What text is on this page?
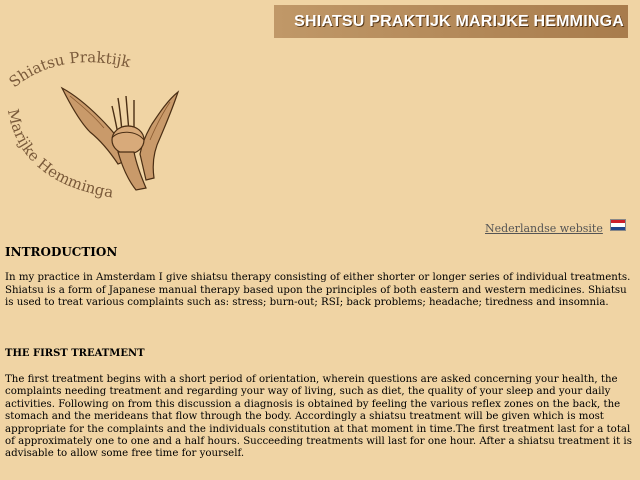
SHIATSU PRAKTIJK MARIJKE HEMMINGA
Shiatsu Praktijk
Marijke Hemminga
Nederlandse website
INTRODUCTION
In my practice in Amsterdam I give shiatsu therapy consisting of either shorter or longer series of individual treatments. Shiatsu is a form of Japanese manual therapy based upon the principles of both eastern and western medicines. Shiatsu is used to treat various complaints such as: stress; burn-out; RSI; back problems; headache; tiredness and insomnia.
THE FIRST TREATMENT
The first treatment begins with a short period of orientation, wherein questions are asked concerning your health, the complaints needing treatment and regarding your way of living, such as diet, the quality of your sleep and your daily activities. Following on from this discussion a diagnosis is obtained by feeling the various reflex zones on the back, the stomach and the merideans that flow through the body. Accordingly a shiatsu treatment will be given which is most appropriate for the complaints and the individuals constitution at that moment in time.The first treatment last for a total of approximately one to one and a half hours. Succeeding treatments will last for one hour. After a shiatsu treatment it is advisable to allow some free time for yourself.
